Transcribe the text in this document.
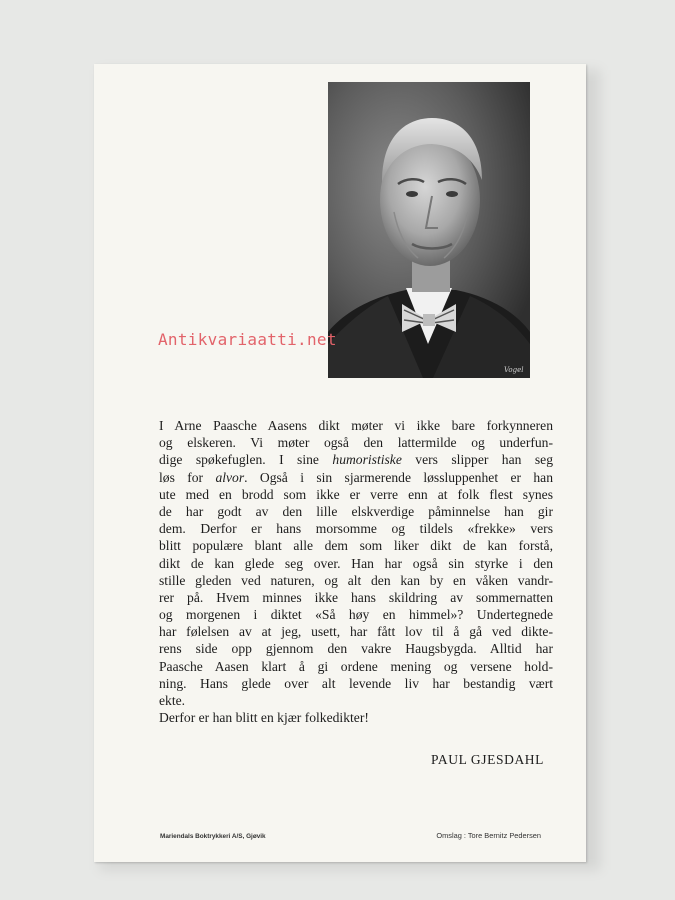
Vogel
I Arne Paasche Aasens dikt møter vi ikke bare forkynneren
og elskeren. Vi møter også den lattermilde og underfun-
dige spøkefuglen. I sine humoristiske vers slipper han seg
løs for alvor. Også i sin sjarmerende løssluppenhet er han
ute med en brodd som ikke er verre enn at folk flest synes
de har godt av den lille elskverdige påminnelse han gir
dem. Derfor er hans morsomme og tildels «frekke» vers
blitt populære blant alle dem som liker dikt de kan forstå,
dikt de kan glede seg over. Han har også sin styrke i den
stille gleden ved naturen, og alt den kan by en våken vandr-
rer på. Hvem minnes ikke hans skildring av sommernatten
og morgenen i diktet «Så høy en himmel»? Undertegnede
har følelsen av at jeg, usett, har fått lov til å gå ved dikte-
rens side opp gjennom den vakre Haugsbygda. Alltid har
Paasche Aasen klart å gi ordene mening og versene hold-
ning. Hans glede over alt levende liv har bestandig vært
ekte.
Derfor er han blitt en kjær folkedikter!
PAUL GJESDAHL
Mariendals Boktrykkeri A/S, Gjøvik	Omslag : Tore Bernitz Pedersen
Antikvariaatti.net
